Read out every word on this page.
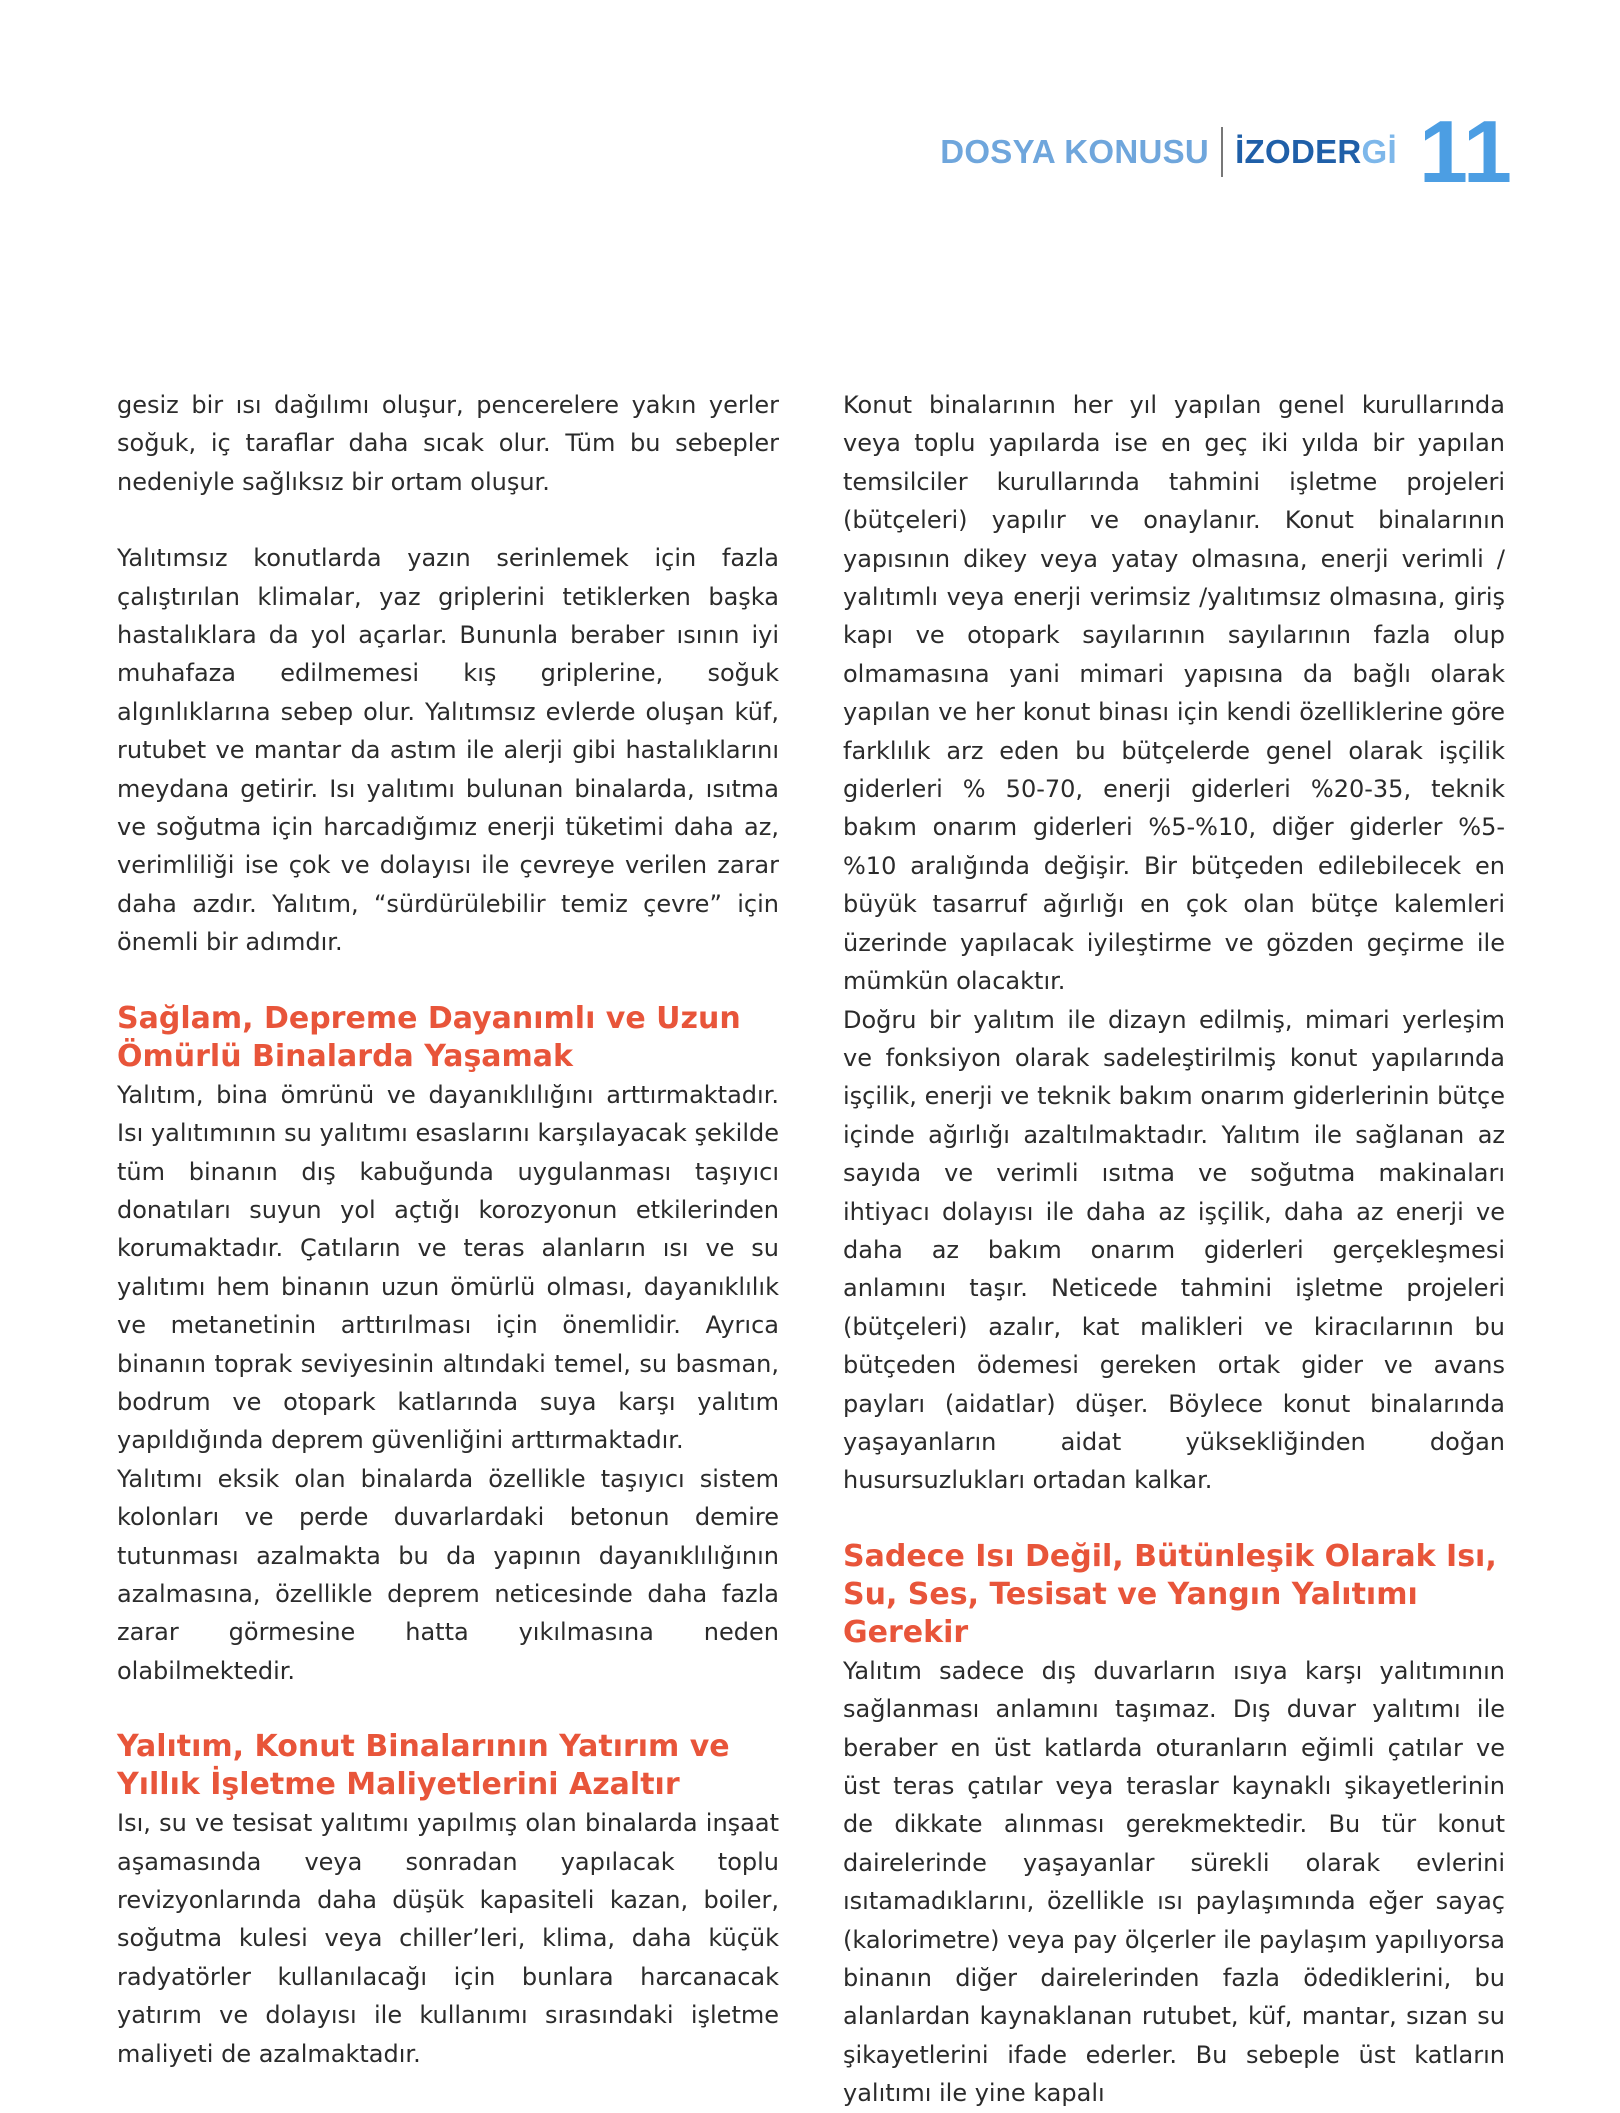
DOSYA KONUSU İZODERGİ 11

gesiz bir ısı dağılımı oluşur, pencerelere yakın yerler soğuk, iç taraflar daha sıcak olur. Tüm bu sebepler nedeniyle sağlıksız bir ortam oluşur.

Yalıtımsız konutlarda yazın serinlemek için fazla çalıştırılan klimalar, yaz griplerini tetiklerken başka hastalıklara da yol açarlar. Bununla beraber ısının iyi muhafaza edilmemesi kış griplerine, soğuk algınlıklarına sebep olur. Yalıtımsız evlerde oluşan küf, rutubet ve mantar da astım ile alerji gibi hastalıklarını meydana getirir. Isı yalıtımı bulunan binalarda, ısıtma ve soğutma için harcadığımız enerji tüketimi daha az, verimliliği ise çok ve dolayısı ile çevreye verilen zarar daha azdır. Yalıtım, “sürdürülebilir temiz çevre” için önemli bir adımdır.

Sağlam, Depreme Dayanımlı ve Uzun Ömürlü Binalarda Yaşamak

Yalıtım, bina ömrünü ve dayanıklılığını arttırmaktadır. Isı yalıtımının su yalıtımı esaslarını karşılayacak şekilde tüm binanın dış kabuğunda uygulanması taşıyıcı donatıları suyun yol açtığı korozyonun etkilerinden korumaktadır. Çatıların ve teras alanların ısı ve su yalıtımı hem binanın uzun ömürlü olması, dayanıklılık ve metanetinin arttırılması için önemlidir. Ayrıca binanın toprak seviyesinin altındaki temel, su basman, bodrum ve otopark katlarında suya karşı yalıtım yapıldığında deprem güvenliğini arttırmaktadır.

Yalıtımı eksik olan binalarda özellikle taşıyıcı sistem kolonları ve perde duvarlardaki betonun demire tutunması azalmakta bu da yapının dayanıklılığının azalmasına, özellikle deprem neticesinde daha fazla zarar görmesine hatta yıkılmasına neden olabilmektedir.

Yalıtım, Konut Binalarının Yatırım ve Yıllık İşletme Maliyetlerini Azaltır

Isı, su ve tesisat yalıtımı yapılmış olan binalarda inşaat aşamasında veya sonradan yapılacak toplu revizyonlarında daha düşük kapasiteli kazan, boiler, soğutma kulesi veya chiller’leri, klima, daha küçük radyatörler kullanılacağı için bunlara harcanacak yatırım ve dolayısı ile kullanımı sırasındaki işletme maliyeti de azalmaktadır.

Konut binalarının her yıl yapılan genel kurullarında veya toplu yapılarda ise en geç iki yılda bir yapılan temsilciler kurullarında tahmini işletme projeleri (bütçeleri) yapılır ve onaylanır. Konut binalarının yapısının dikey veya yatay olmasına, enerji verimli / yalıtımlı veya enerji verimsiz /yalıtımsız olmasına, giriş kapı ve otopark sayılarının sayılarının fazla olup olmamasına yani mimari yapısına da bağlı olarak yapılan ve her konut binası için kendi özelliklerine göre farklılık arz eden bu bütçelerde genel olarak işçilik giderleri % 50-70, enerji giderleri %20-35, teknik bakım onarım giderleri %5-%10, diğer giderler %5-%10 aralığında değişir. Bir bütçeden edilebilecek en büyük tasarruf ağırlığı en çok olan bütçe kalemleri üzerinde yapılacak iyileştirme ve gözden geçirme ile mümkün olacaktır.

Doğru bir yalıtım ile dizayn edilmiş, mimari yerleşim ve fonksiyon olarak sadeleştirilmiş konut yapılarında işçilik, enerji ve teknik bakım onarım giderlerinin bütçe içinde ağırlığı azaltılmaktadır. Yalıtım ile sağlanan az sayıda ve verimli ısıtma ve soğutma makinaları ihtiyacı dolayısı ile daha az işçilik, daha az enerji ve daha az bakım onarım giderleri gerçekleşmesi anlamını taşır. Neticede tahmini işletme projeleri (bütçeleri) azalır, kat malikleri ve kiracılarının bu bütçeden ödemesi gereken ortak gider ve avans payları (aidatlar) düşer. Böylece konut binalarında yaşayanların aidat yüksekliğinden doğan husursuzlukları ortadan kalkar.

Sadece Isı Değil, Bütünleşik Olarak Isı, Su, Ses, Tesisat ve Yangın Yalıtımı Gerekir

Yalıtım sadece dış duvarların ısıya karşı yalıtımının sağlanması anlamını taşımaz. Dış duvar yalıtımı ile beraber en üst katlarda oturanların eğimli çatılar ve üst teras çatılar veya teraslar kaynaklı şikayetlerinin de dikkate alınması gerekmektedir. Bu tür konut dairelerinde yaşayanlar sürekli olarak evlerini ısıtamadıklarını, özellikle ısı paylaşımında eğer sayaç (kalorimetre) veya pay ölçerler ile paylaşım yapılıyorsa binanın diğer dairelerinden fazla ödediklerini, bu alanlardan kaynaklanan rutubet, küf, mantar, sızan su şikayetlerini ifade ederler. Bu sebeple üst katların yalıtımı ile yine kapalı
